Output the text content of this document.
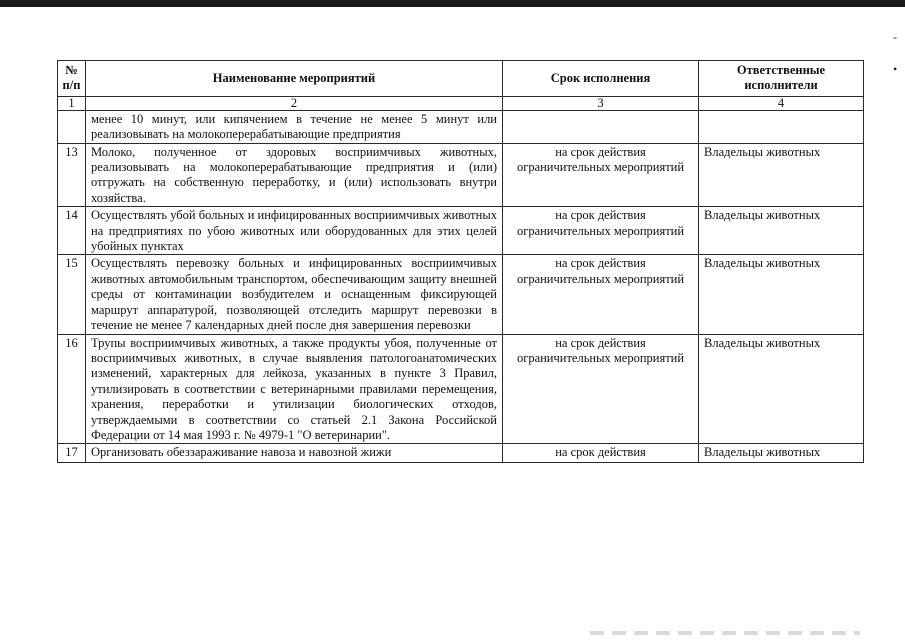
-
•
№ п/п	Наименование мероприятий	Срок исполнения	Ответственные исполнители
1	2	3	4
	менее 10 минут, или кипячением в течение не менее 5 минут или реализовывать на молокоперерабатывающие предприятия		
13	Молоко, полученное от здоровых восприимчивых животных, реализовывать на молокоперерабатывающие предприятия и (или) отгружать на собственную переработку, и (или) использовать внутри хозяйства.	на срок действия ограничительных мероприятий	Владельцы животных
14	Осуществлять убой больных и инфицированных восприимчивых животных на предприятиях по убою животных или оборудованных для этих целей убойных пунктах	на срок действия ограничительных мероприятий	Владельцы животных
15	Осуществлять перевозку больных и инфицированных восприимчивых животных автомобильным транспортом, обеспечивающим защиту внешней среды от контаминации возбудителем и оснащенным фиксирующей маршрут аппаратурой, позволяющей отследить маршрут перевозки в течение не менее 7 календарных дней после дня завершения перевозки	на срок действия ограничительных мероприятий	Владельцы животных
16	Трупы восприимчивых животных, а также продукты убоя, полученные от восприимчивых животных, в случае выявления патологоанатомических изменений, характерных для лейкоза, указанных в пункте 3 Правил, утилизировать в соответствии с ветеринарными правилами перемещения, хранения, переработки и утилизации биологических отходов, утверждаемыми в соответствии со статьей 2.1 Закона Российской Федерации от 14 мая 1993 г. № 4979-1 "О ветеринарии".	на срок действия ограничительных мероприятий	Владельцы животных
17	Организовать обеззараживание навоза и навозной жижи	на срок действия	Владельцы животных
